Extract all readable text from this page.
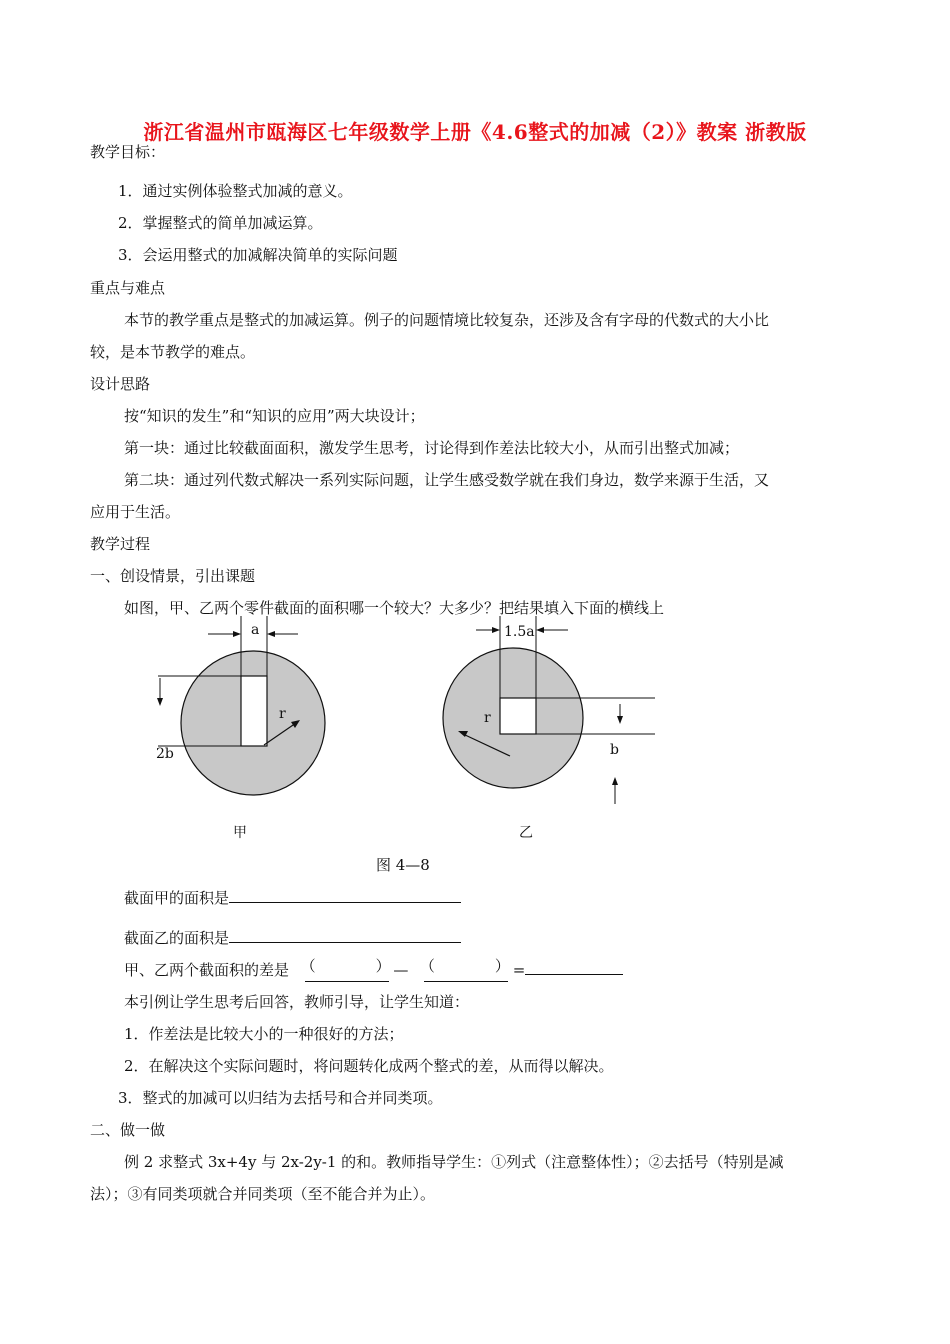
浙江省温州市瓯海区七年级数学上册《4.6整式的加减（2）》教案 浙教版
教学目标：
1．通过实例体验整式加减的意义。
2．掌握整式的简单加减运算。
3．会运用整式的加减解决简单的实际问题
重点与难点
本节的教学重点是整式的加减运算。例子的问题情境比较复杂，还涉及含有字母的代数式的大小比
较，是本节教学的难点。
设计思路
按“知识的发生”和“知识的应用”两大块设计；
第一块：通过比较截面面积，激发学生思考，讨论得到作差法比较大小，从而引出整式加减；
第二块：通过列代数式解决一系列实际问题，让学生感受数学就在我们身边，数学来源于生活，又
应用于生活。
教学过程
一、创设情景，引出课题
如图，甲、乙两个零件截面的面积哪一个较大？大多少？把结果填入下面的横线上
a
r
2b
甲
1.5a
b
r
乙
图 4—8
截面甲的面积是
截面乙的面积是
甲、乙两个截面积的差是 （	） — （	） =
本引例让学生思考后回答，教师引导，让学生知道：
1．作差法是比较大小的一种很好的方法；
2．在解决这个实际问题时，将问题转化成两个整式的差，从而得以解决。
3．整式的加减可以归结为去括号和合并同类项。
二、做一做
例 2 求整式 3x+4y 与 2x-2y-1 的和。教师指导学生：①列式（注意整体性）；②去括号（特别是减
法）；③有同类项就合并同类项（至不能合并为止）。
